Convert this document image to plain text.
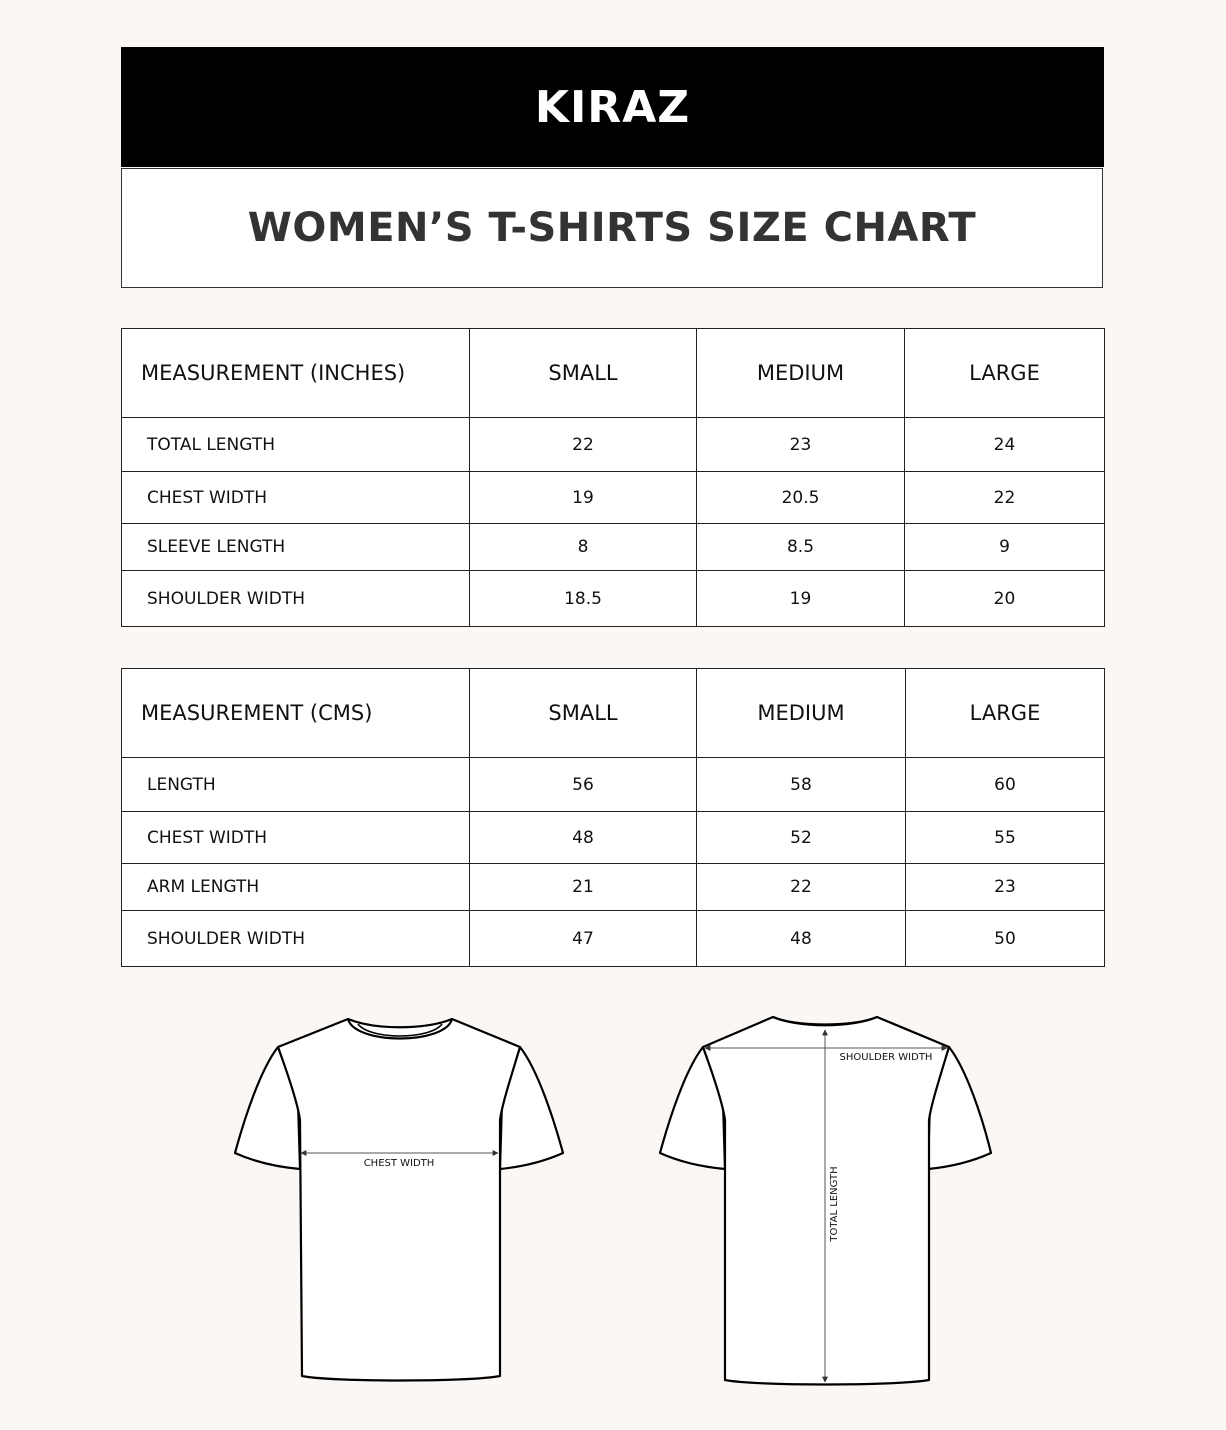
KIRAZ
WOMEN’S T-SHIRTS SIZE CHART
MEASUREMENT (INCHES)	SMALL	MEDIUM	LARGE
TOTAL LENGTH	22	23	24
CHEST WIDTH	19	20.5	22
SLEEVE LENGTH	8	8.5	9
SHOULDER WIDTH	18.5	19	20
MEASUREMENT (CMS)	SMALL	MEDIUM	LARGE
LENGTH	56	58	60
CHEST WIDTH	48	52	55
ARM LENGTH	21	22	23
SHOULDER WIDTH	47	48	50
CHEST WIDTH
SHOULDER WIDTH
TOTAL LENGTH
